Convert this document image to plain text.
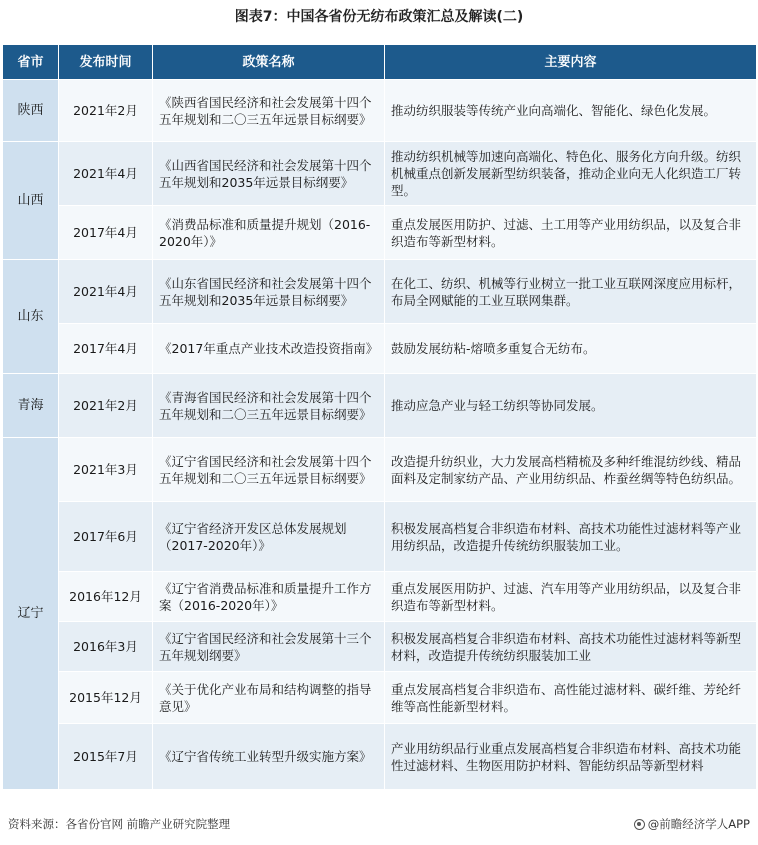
图表7：中国各省份无纺布政策汇总及解读(二)
省市	发布时间	政策名称	主要内容
陕西	2021年2月	《陕西省国民经济和社会发展第十四个五年规划和二〇三五年远景目标纲要》	推动纺织服装等传统产业向高端化、智能化、绿色化发展。
山西	2021年4月	《山西省国民经济和社会发展第十四个五年规划和2035年远景目标纲要》	推动纺织机械等加速向高端化、特色化、服务化方向升级。纺织机械重点创新发展新型纺织装备，推动企业向无人化织造工厂转型。
	2017年4月	《消费品标准和质量提升规划（2016-2020年）》	重点发展医用防护、过滤、土工用等产业用纺织品，以及复合非织造布等新型材料。
山东	2021年4月	《山东省国民经济和社会发展第十四个五年规划和2035年远景目标纲要》	在化工、纺织、机械等行业树立一批工业互联网深度应用标杆，布局全网赋能的工业互联网集群。
	2017年4月	《2017年重点产业技术改造投资指南》	鼓励发展纺粘-熔喷多重复合无纺布。
青海	2021年2月	《青海省国民经济和社会发展第十四个五年规划和二〇三五年远景目标纲要》	推动应急产业与轻工纺织等协同发展。
辽宁	2021年3月	《辽宁省国民经济和社会发展第十四个五年规划和二〇三五年远景目标纲要》	改造提升纺织业，大力发展高档精梳及多种纤维混纺纱线、精品面料及定制家纺产品、产业用纺织品、柞蚕丝绸等特色纺织品。
	2017年6月	《辽宁省经济开发区总体发展规划（2017-2020年）》	积极发展高档复合非织造布材料、高技术功能性过滤材料等产业用纺织品，改造提升传统纺织服装加工业。
	2016年12月	《辽宁省消费品标准和质量提升工作方案（2016-2020年）》	重点发展医用防护、过滤、汽车用等产业用纺织品，以及复合非织造布等新型材料。
	2016年3月	《辽宁省国民经济和社会发展第十三个五年规划纲要》	积极发展高档复合非织造布材料、高技术功能性过滤材料等新型材料，改造提升传统纺织服装加工业
	2015年12月	《关于优化产业布局和结构调整的指导意见》	重点发展高档复合非织造布、高性能过滤材料、碳纤维、芳纶纤维等高性能新型材料。
	2015年7月	《辽宁省传统工业转型升级实施方案》	产业用纺织品行业重点发展高档复合非织造布材料、高技术功能性过滤材料、生物医用防护材料、智能纺织品等新型材料
资料来源：各省份官网 前瞻产业研究院整理	@前瞻经济学人APP
